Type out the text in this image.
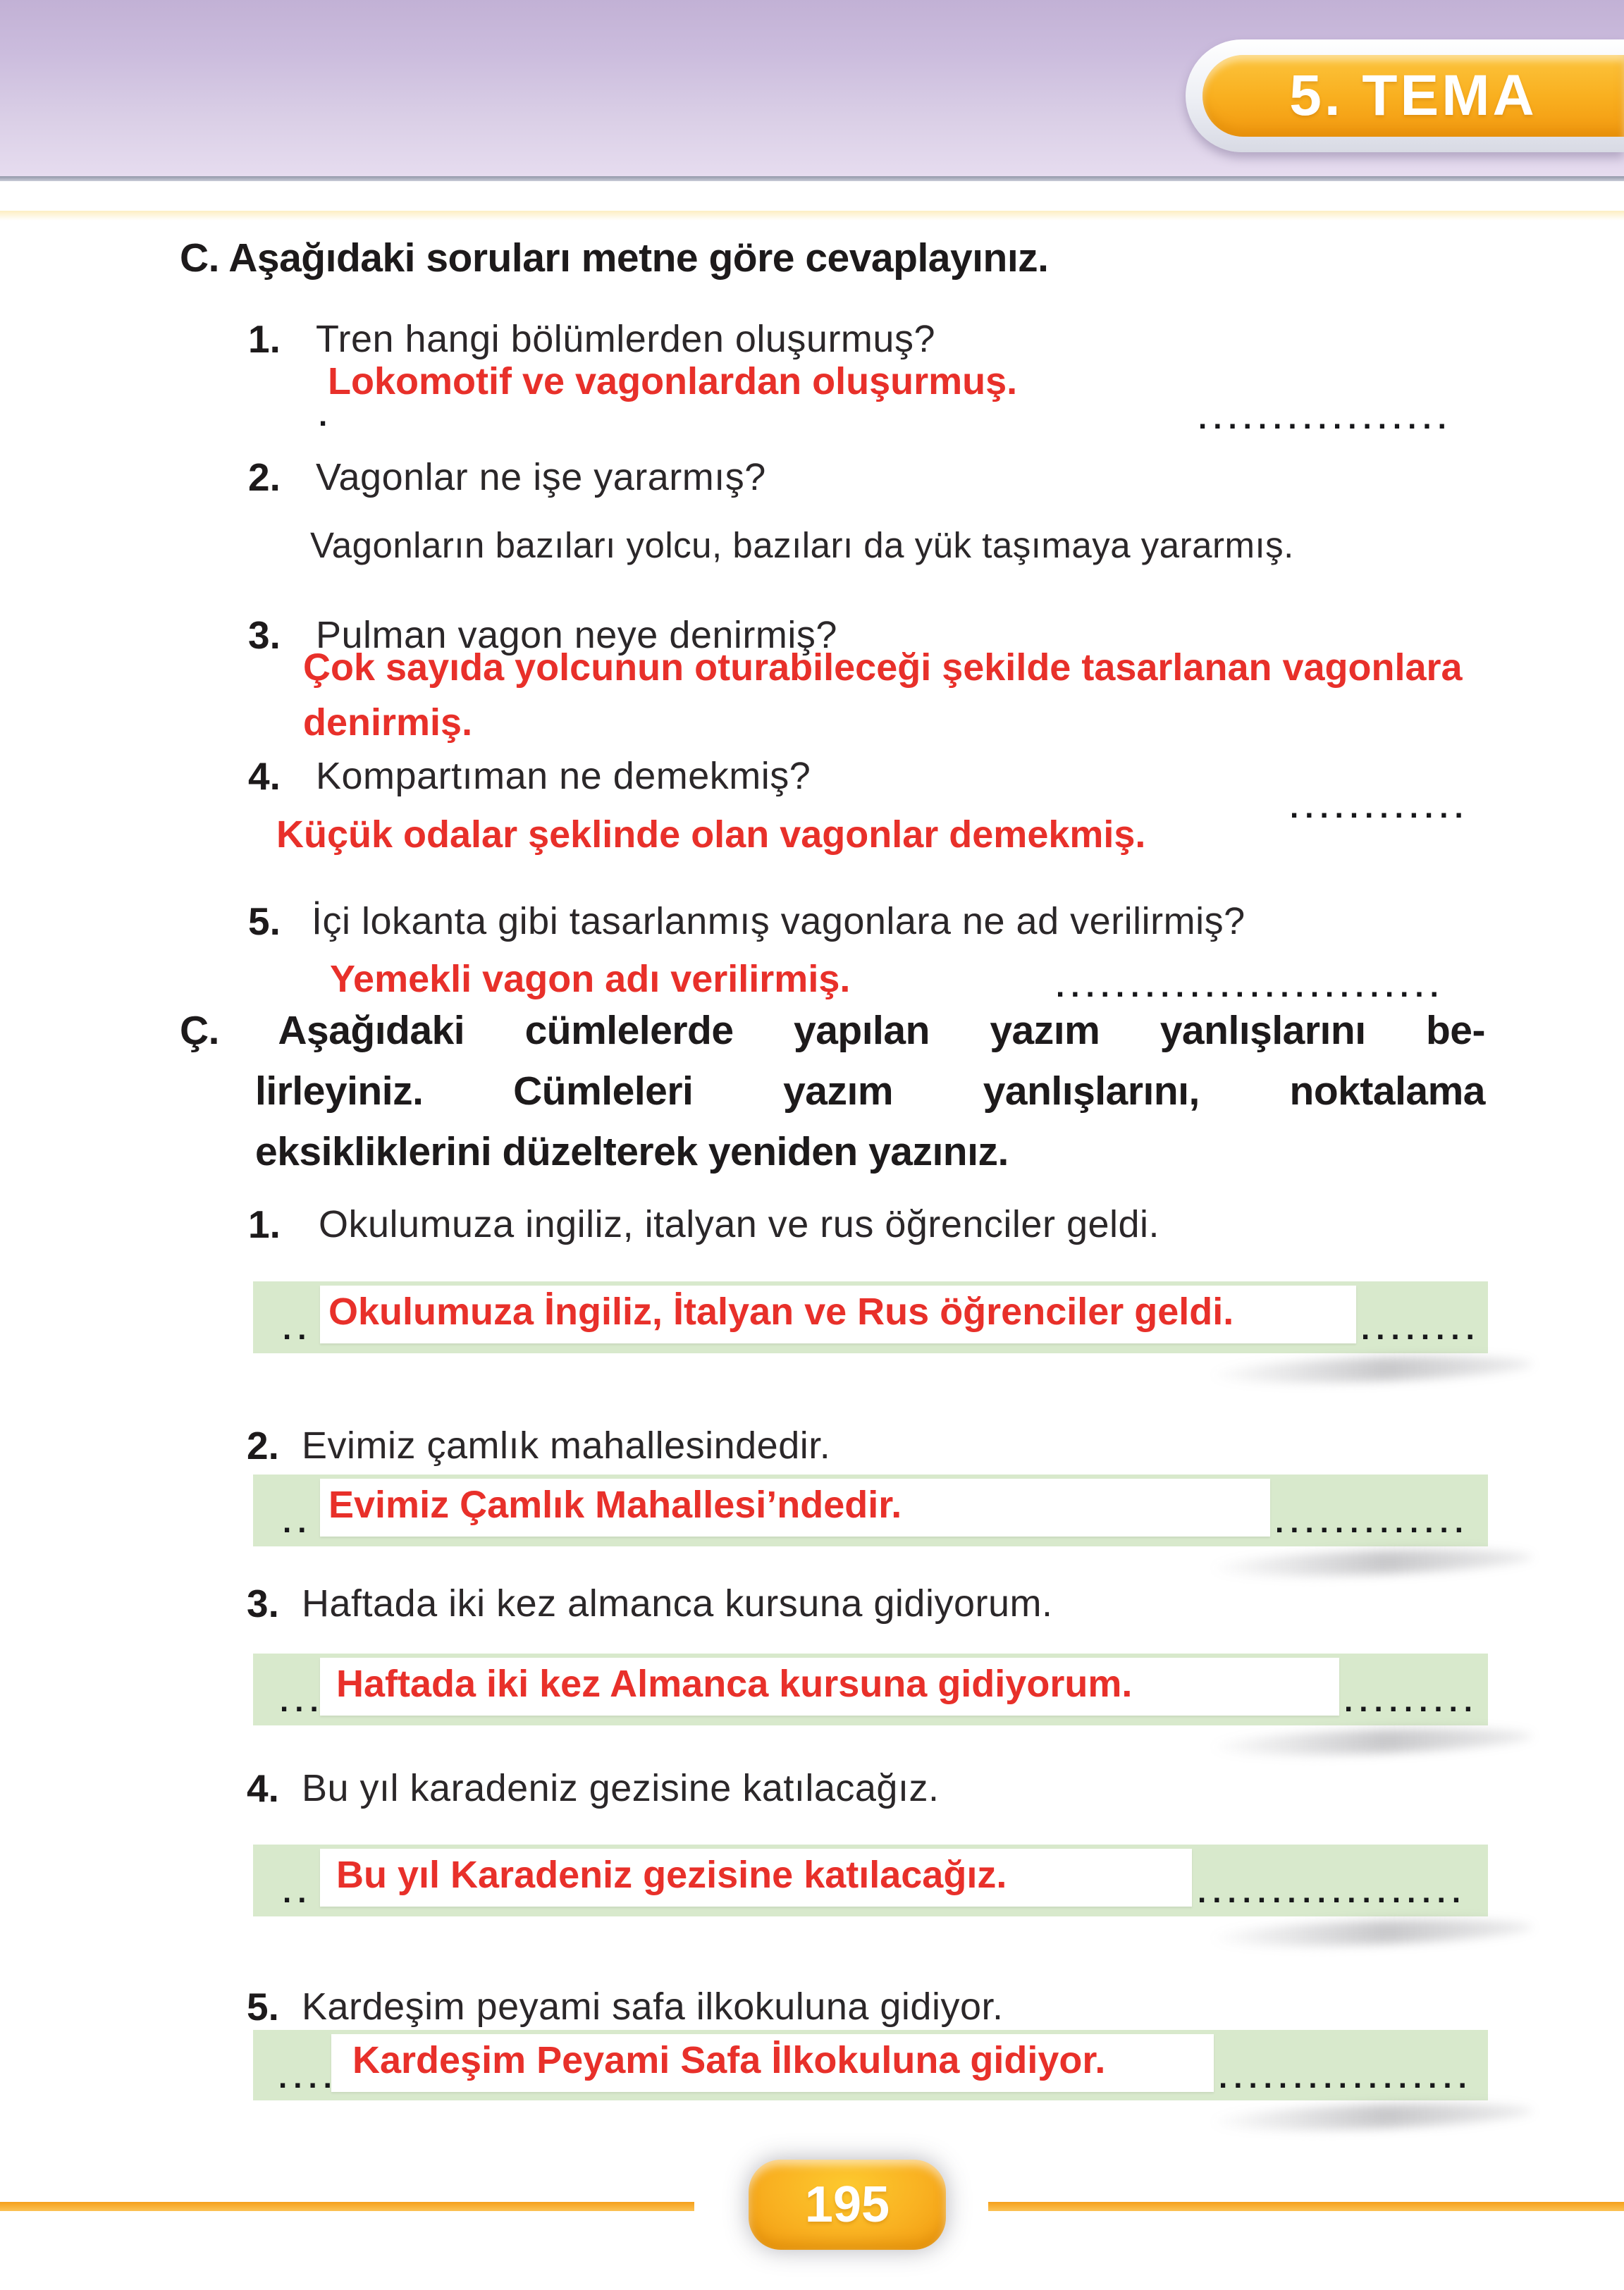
5. TEMA
C. Aşağıdaki soruları metne göre cevaplayınız.
1. Tren hangi bölümlerden oluşurmuş?
Lokomotif ve vagonlardan oluşurmuş.
.	.................
2. Vagonlar ne işe yararmış?
Vagonların bazıları yolcu, bazıları da yük taşımaya yararmış.
3. Pulman vagon neye denirmiş?
Çok sayıda yolcunun oturabileceği şekilde tasarlanan vagonlara
denirmiş.
4. Kompartıman ne demekmiş?
Küçük odalar şeklinde olan vagonlar demekmiş.
............
5. İçi lokanta gibi tasarlanmış vagonlara ne ad verilirmiş?
Yemekli vagon adı verilirmiş.	..........................
Ç. Aşağıdaki cümlelerde yapılan yazım yanlışlarını be-
lirleyiniz. Cümleleri yazım yanlışlarını, noktalama
eksikliklerini düzelterek yeniden yazınız.
1. Okulumuza ingiliz, italyan ve rus öğrenciler geldi.
Okulumuza İngiliz, İtalyan ve Rus öğrenciler geldi.
..	........
2. Evimiz çamlık mahallesindedir.
Evimiz Çamlık Mahallesi’ndedir.
..	.............
3. Haftada iki kez almanca kursuna gidiyorum.
Haftada iki kez Almanca kursuna gidiyorum.
...	.........
4. Bu yıl karadeniz gezisine katılacağız.
Bu yıl Karadeniz gezisine katılacağız.
..	..................
5. Kardeşim peyami safa ilkokuluna gidiyor.
Kardeşim Peyami Safa İlkokuluna gidiyor.
....	.................
195
